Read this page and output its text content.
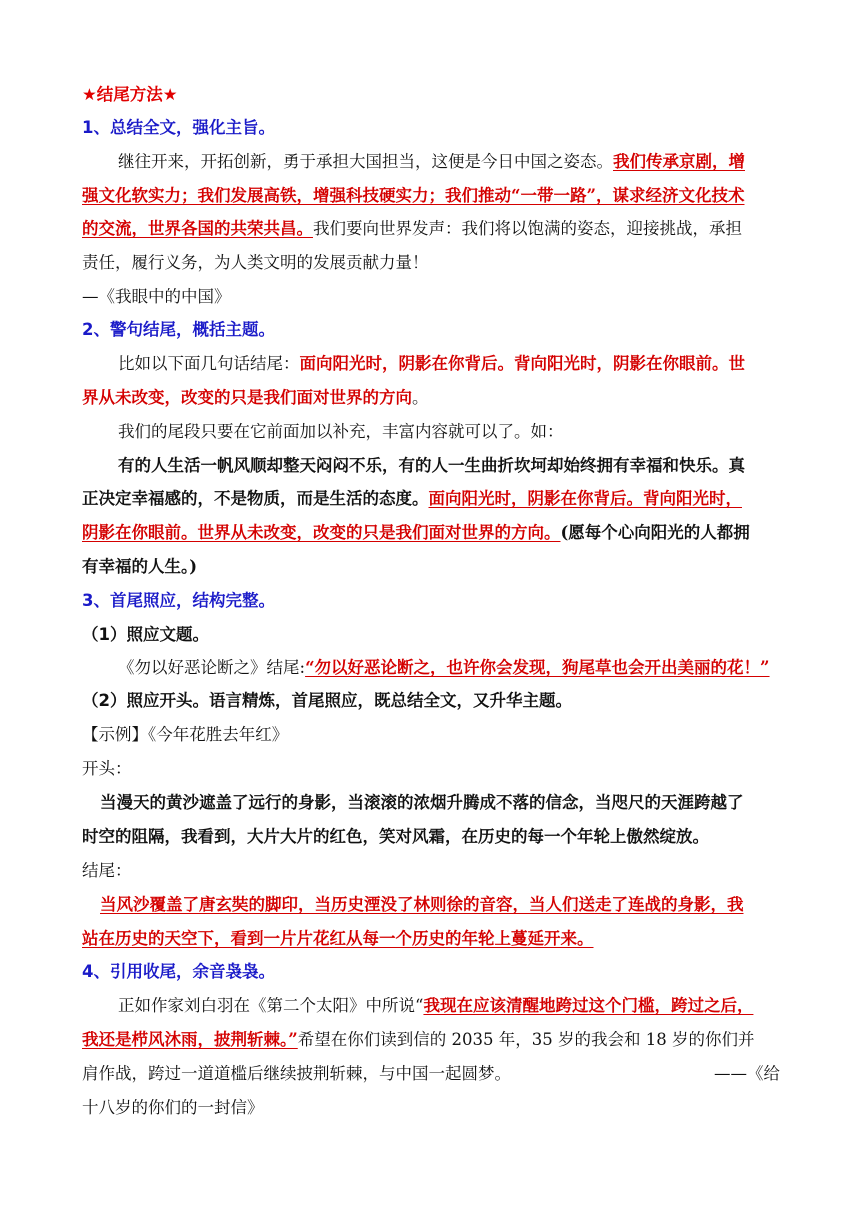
★结尾方法★
1、总结全文，强化主旨。
继往开来，开拓创新，勇于承担大国担当，这便是今日中国之姿态。我们传承京剧，增
强文化软实力；我们发展高铁，增强科技硬实力；我们推动“一带一路”，谋求经济文化技术
的交流，世界各国的共荣共昌。我们要向世界发声：我们将以饱满的姿态，迎接挑战，承担
责任，履行义务，为人类文明的发展贡献力量！
—《我眼中的中国》
2、警句结尾，概括主题。
比如以下面几句话结尾：面向阳光时，阴影在你背后。背向阳光时，阴影在你眼前。世
界从未改变，改变的只是我们面对世界的方向。
我们的尾段只要在它前面加以补充，丰富内容就可以了。如：
有的人生活一帆风顺却整天闷闷不乐，有的人一生曲折坎坷却始终拥有幸福和快乐。真
正决定幸福感的，不是物质，而是生活的态度。面向阳光时，阴影在你背后。背向阳光时，
阴影在你眼前。世界从未改变，改变的只是我们面对世界的方向。(愿每个心向阳光的人都拥
有幸福的人生。)
3、首尾照应，结构完整。
（1）照应文题。
《勿以好恶论断之》结尾:“勿以好恶论断之，也许你会发现，狗尾草也会开出美丽的花！”
（2）照应开头。语言精炼，首尾照应，既总结全文，又升华主题。
【示例】《今年花胜去年红》
开头：
当漫天的黄沙遮盖了远行的身影，当滚滚的浓烟升腾成不落的信念，当咫尺的天涯跨越了
时空的阻隔，我看到，大片大片的红色，笑对风霜，在历史的每一个年轮上傲然绽放。
结尾：
当风沙覆盖了唐玄奘的脚印，当历史湮没了林则徐的音容，当人们送走了连战的身影，我
站在历史的天空下，看到一片片花红从每一个历史的年轮上蔓延开来。
4、引用收尾，余音袅袅。
正如作家刘白羽在《第二个太阳》中所说“我现在应该清醒地跨过这个门槛，跨过之后，
我还是栉风沐雨，披荆斩棘。”希望在你们读到信的 2035 年，35 岁的我会和 18 岁的你们并
肩作战，跨过一道道槛后继续披荆斩棘，与中国一起圆梦。	——《给
十八岁的你们的一封信》
